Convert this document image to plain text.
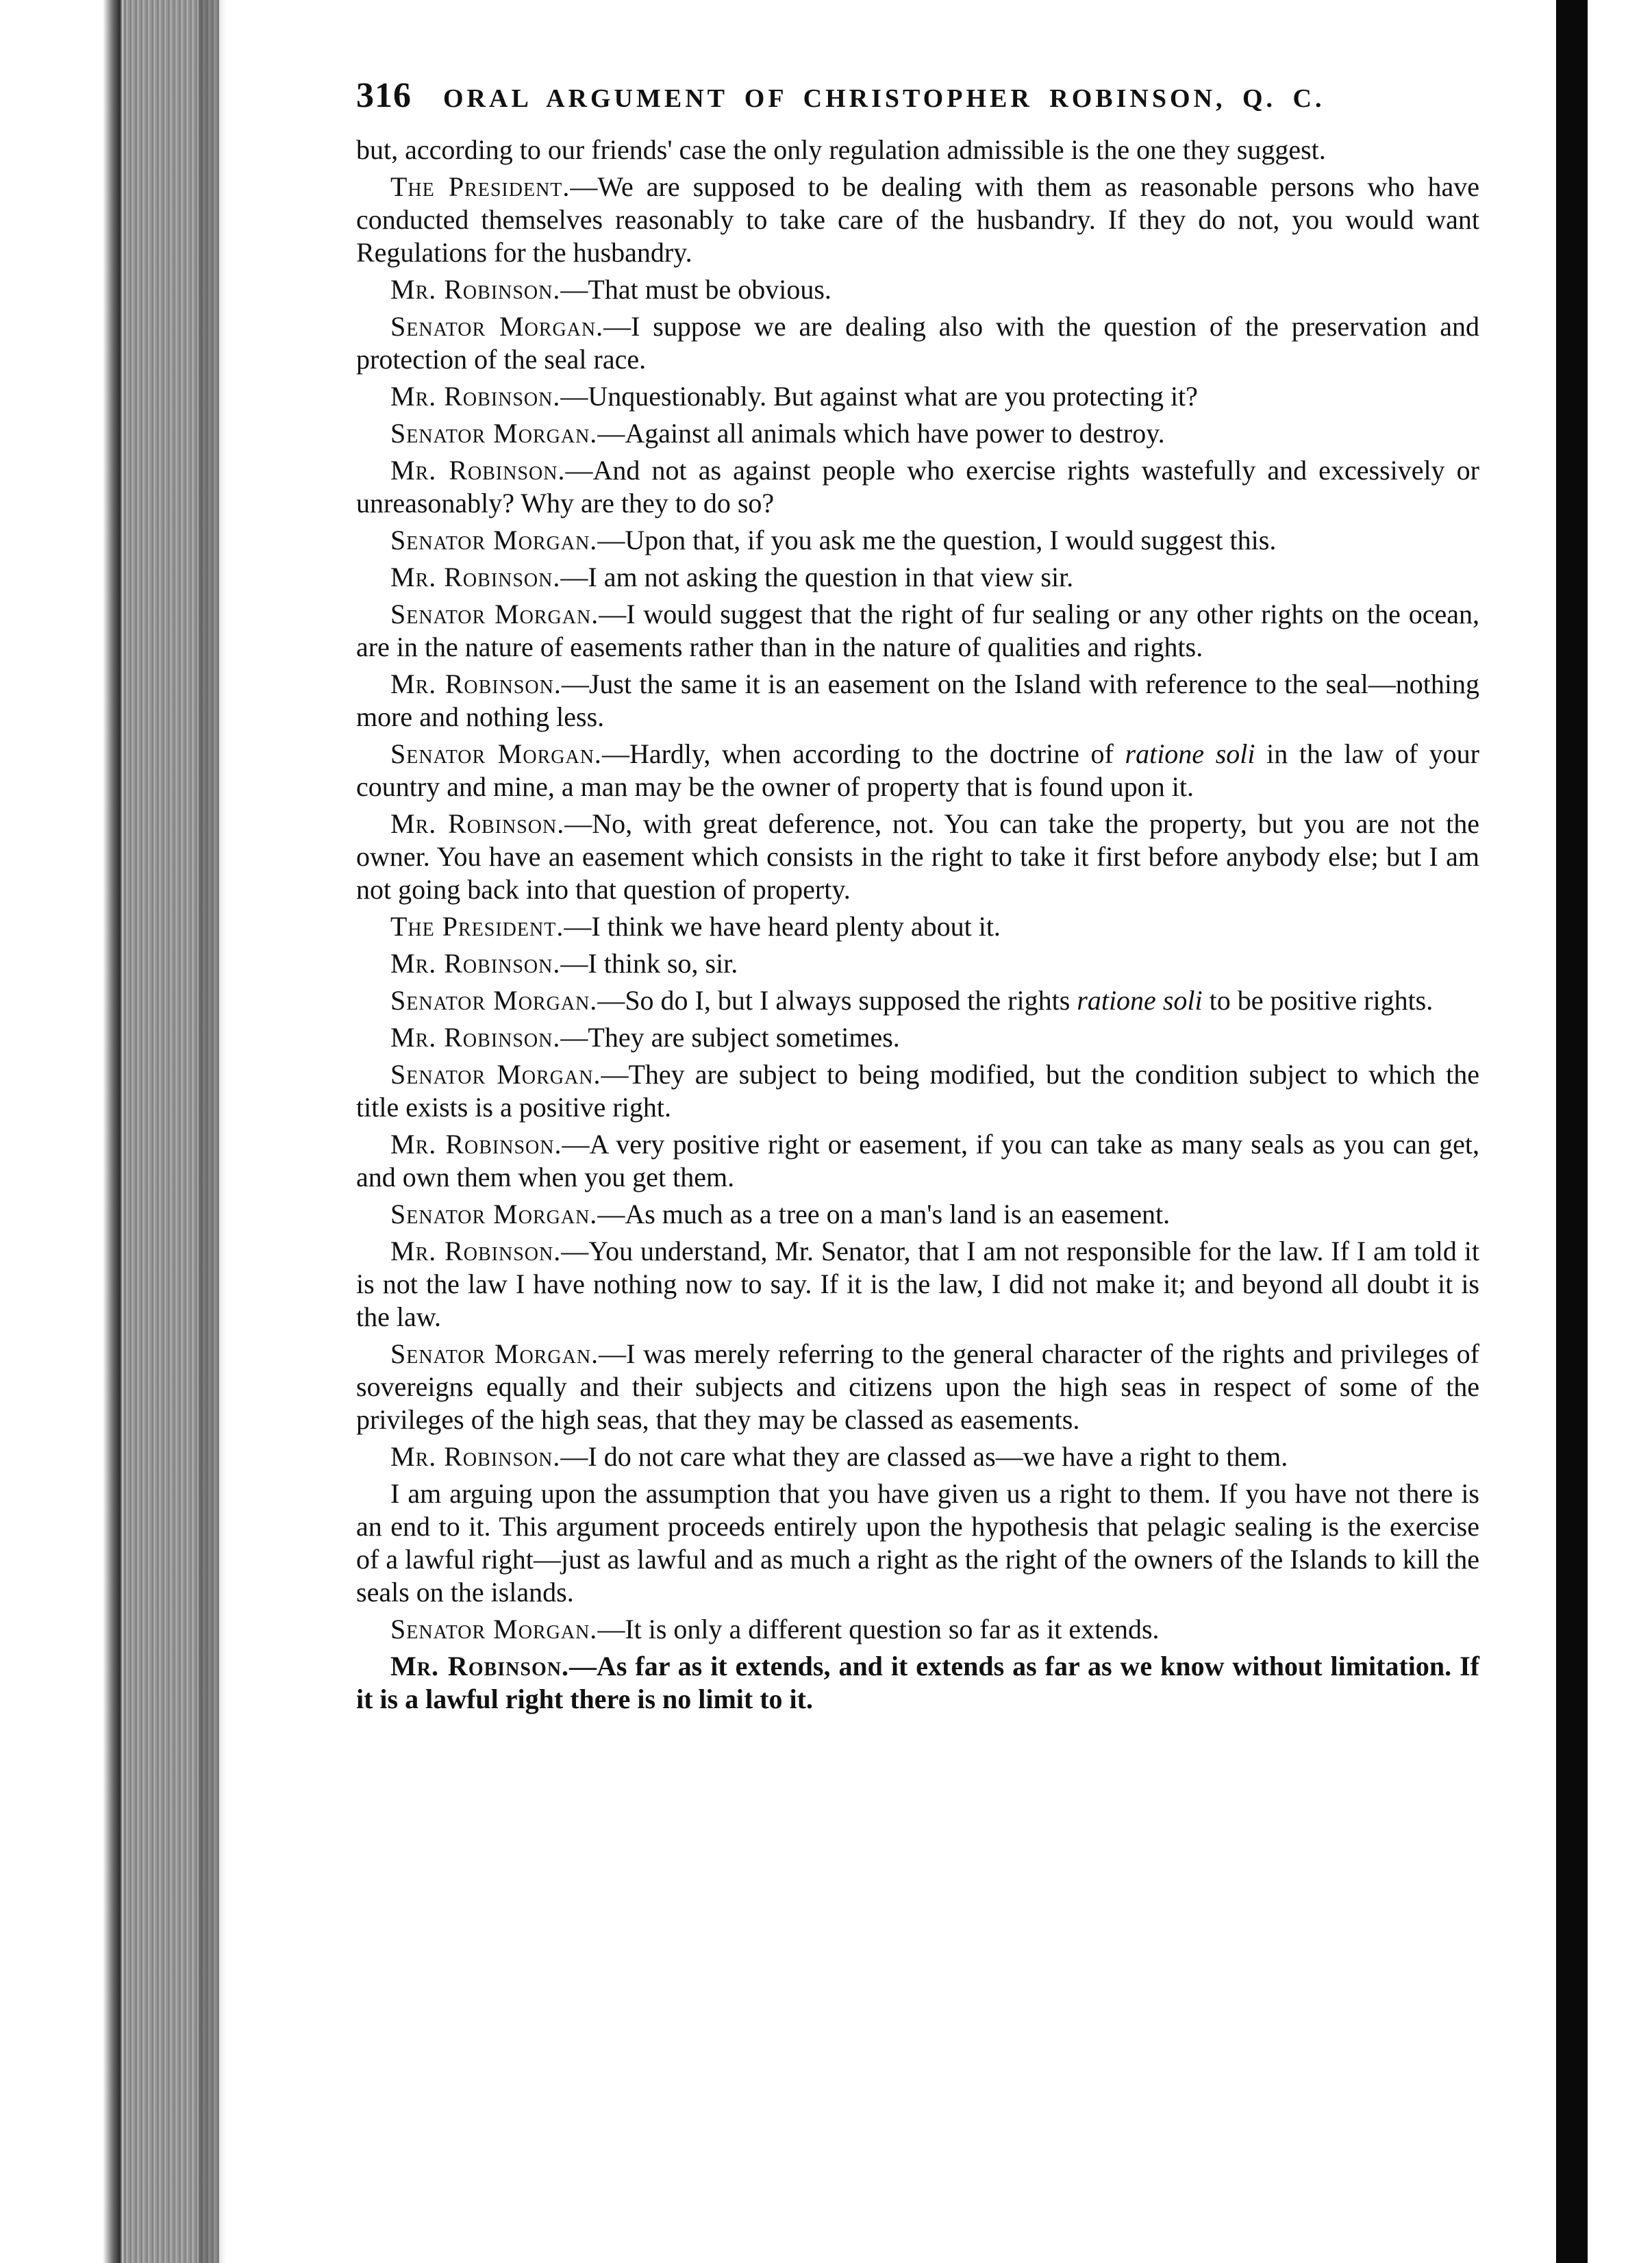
316 ORAL ARGUMENT OF CHRISTOPHER ROBINSON, Q. C.

but, according to our friends' case the only regulation admissible is the one they suggest.

The President.—We are supposed to be dealing with them as reasonable persons who have conducted themselves reasonably to take care of the husbandry. If they do not, you would want Regulations for the husbandry.

Mr. Robinson.—That must be obvious.

Senator Morgan.—I suppose we are dealing also with the question of the preservation and protection of the seal race.

Mr. Robinson.—Unquestionably. But against what are you protecting it?

Senator Morgan.—Against all animals which have power to destroy.

Mr. Robinson.—And not as against people who exercise rights wastefully and excessively or unreasonably? Why are they to do so?

Senator Morgan.—Upon that, if you ask me the question, I would suggest this.

Mr. Robinson.—I am not asking the question in that view sir.

Senator Morgan.—I would suggest that the right of fur sealing or any other rights on the ocean, are in the nature of easements rather than in the nature of qualities and rights.

Mr. Robinson.—Just the same it is an easement on the Island with reference to the seal—nothing more and nothing less.

Senator Morgan.—Hardly, when according to the doctrine of ratione soli in the law of your country and mine, a man may be the owner of property that is found upon it.

Mr. Robinson.—No, with great deference, not. You can take the property, but you are not the owner. You have an easement which consists in the right to take it first before anybody else; but I am not going back into that question of property.

The President.—I think we have heard plenty about it.

Mr. Robinson.—I think so, sir.

Senator Morgan.—So do I, but I always supposed the rights ratione soli to be positive rights.

Mr. Robinson.—They are subject sometimes.

Senator Morgan.—They are subject to being modified, but the condition subject to which the title exists is a positive right.

Mr. Robinson.—A very positive right or easement, if you can take as many seals as you can get, and own them when you get them.

Senator Morgan.—As much as a tree on a man's land is an easement.

Mr. Robinson.—You understand, Mr. Senator, that I am not responsible for the law. If I am told it is not the law I have nothing now to say. If it is the law, I did not make it; and beyond all doubt it is the law.

Senator Morgan.—I was merely referring to the general character of the rights and privileges of sovereigns equally and their subjects and citizens upon the high seas in respect of some of the privileges of the high seas, that they may be classed as easements.

Mr. Robinson.—I do not care what they are classed as—we have a right to them.

I am arguing upon the assumption that you have given us a right to them. If you have not there is an end to it. This argument proceeds entirely upon the hypothesis that pelagic sealing is the exercise of a lawful right—just as lawful and as much a right as the right of the owners of the Islands to kill the seals on the islands.

Senator Morgan.—It is only a different question so far as it extends.

Mr. Robinson.—As far as it extends, and it extends as far as we know without limitation. If it is a lawful right there is no limit to it.
